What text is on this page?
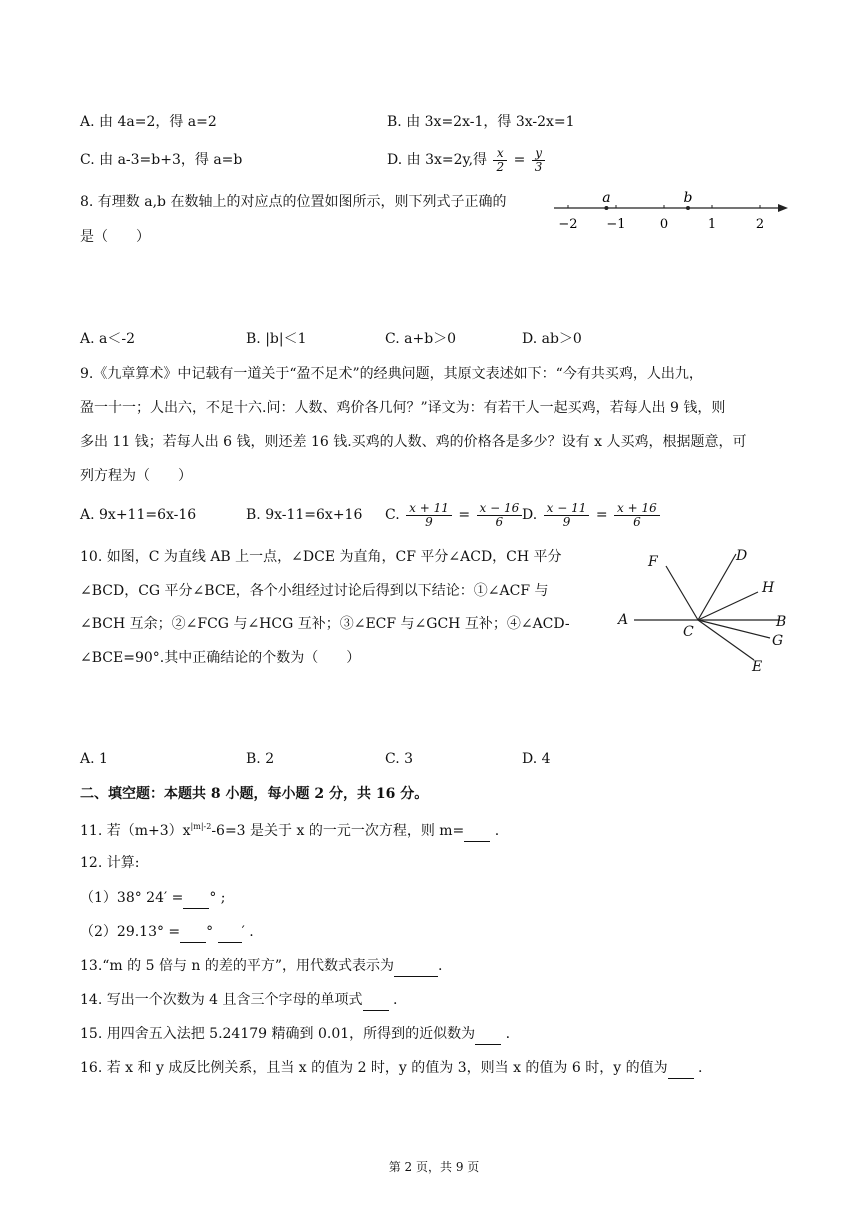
A. 由 4a=2，得 a=2	B. 由 3x=2x-1，得 3x-2x=1
C. 由 a-3=b+3，得 a=b	D. 由 3x=2y,得 $\frac{x}{2} = \frac{y}{3}$
8. 有理数 a,b 在数轴上的对应点的位置如图所示，则下列式子正确的
是（　　）
−2 −1	0	1	2
a	b
A. a＜-2	B. |b|＜1	C. a+b＞0	D. ab＞0
9.《九章算术》中记载有一道关于“盈不足术”的经典问题，其原文表述如下：“今有共买鸡，人出九，
盈一十一；人出六，不足十六.问：人数、鸡价各几何？”译文为：有若干人一起买鸡，若每人出 9 钱，则
多出 11 钱；若每人出 6 钱，则还差 16 钱.买鸡的人数、鸡的价格各是多少？设有 x 人买鸡，根据题意，可
列方程为（　　）
A. 9x+11=6x-16	B. 9x-11=6x+16 C. $\frac{x + 11}{9} = \frac{x - 16}{6} D$. $\frac{x - 11}{9} = \frac{x + 16}{6}$
10. 如图，C 为直线 AB 上一点，∠DCE 为直角，CF 平分∠ACD，CH 平分
∠BCD，CG 平分∠BCE，各个小组经过讨论后得到以下结论：①∠ACF 与
∠BCH 互余；②∠FCG 与∠HCG 互补；③∠ECF 与∠GCH 互补；④∠ACD-
∠BCE=90°.其中正确结论的个数为（　　）
F	D
H
A	B
C
G
E
A. 1	B. 2	C. 3	D. 4
二、填空题：本题共 8 小题，每小题 2 分，共 16 分。
11. 若$(m+3)x^{|m|-2}-6=3$ 是关于 x 的一元一次方程，则 m= .
12. 计算:
（1）38° 24′ = ° ;
（2）29.13° = ° ′ .
13.“m 的 5 倍与 n 的差的平方”，用代数式表示为	.
14. 写出一个次数为 4 且含三个字母的单项式 .
15. 用四舍五入法把 5.24179 精确到 0.01，所得到的近似数为 .
16. 若 x 和 y 成反比例关系，且当 x 的值为 2 时，y 的值为 3，则当 x 的值为 6 时，y 的值为 .
第 2 页，共 9 页
